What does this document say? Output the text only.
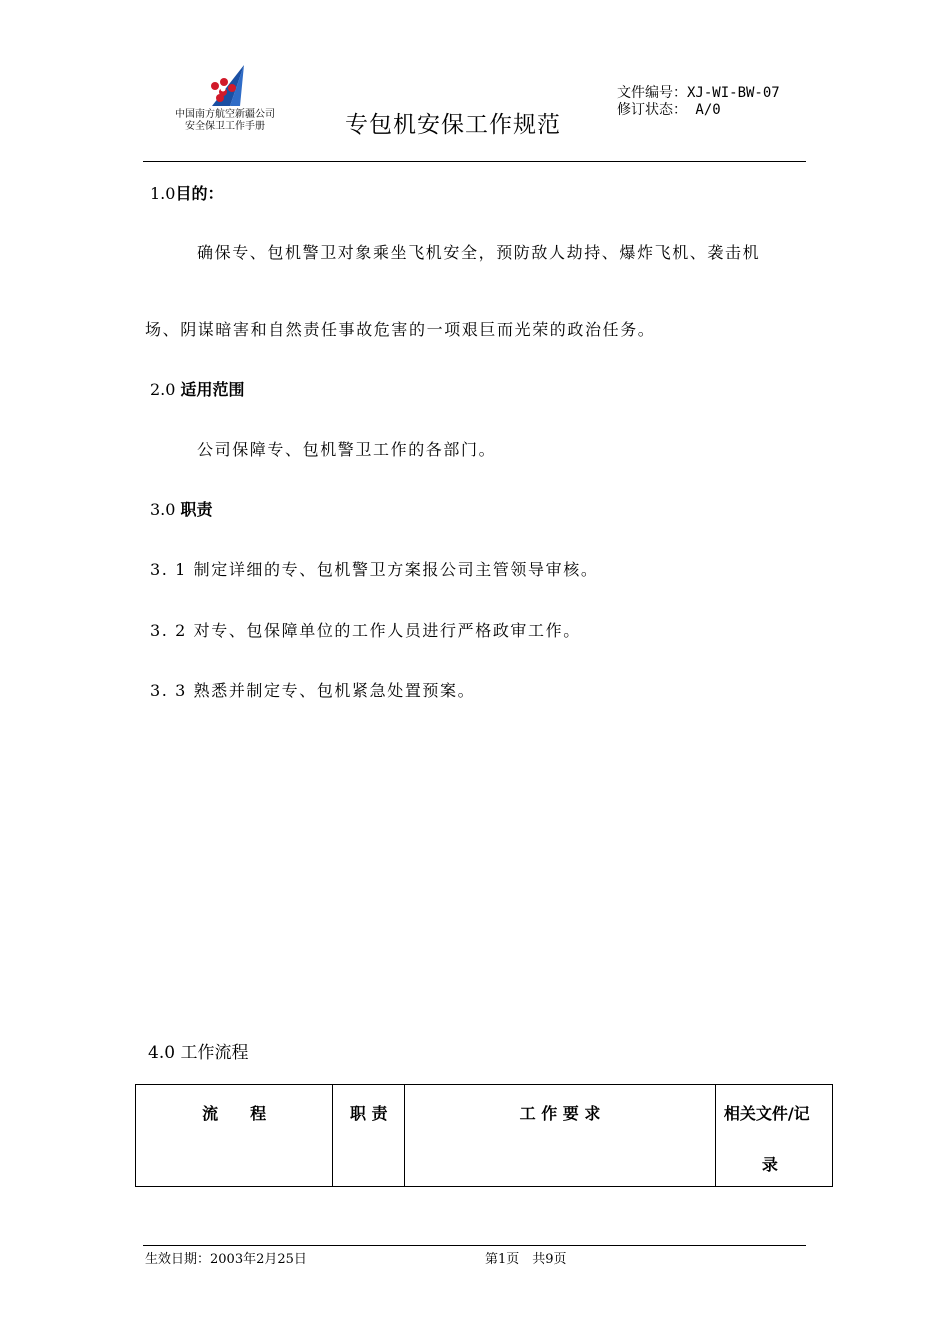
中国南方航空新疆公司
安全保卫工作手册	专包机安保工作规范
文件编号：XJ-WI-BW-07
修订状态： A/0
1.0目的：
确保专、包机警卫对象乘坐飞机安全，预防敌人劫持、爆炸飞机、袭击机
场、阴谋暗害和自然责任事故危害的一项艰巨而光荣的政治任务。
2.0 适用范围
公司保障专、包机警卫工作的各部门。
3.0 职责
3. 1 制定详细的专、包机警卫方案报公司主管领导审核。
3. 2 对专、包保障单位的工作人员进行严格政审工作。
3. 3 熟悉并制定专、包机紧急处置预案。
4.0 工作流程
流　　程	职 责	工 作 要 求	相关文件/记
录
生效日期：2003年2月25日	第1页　共9页
